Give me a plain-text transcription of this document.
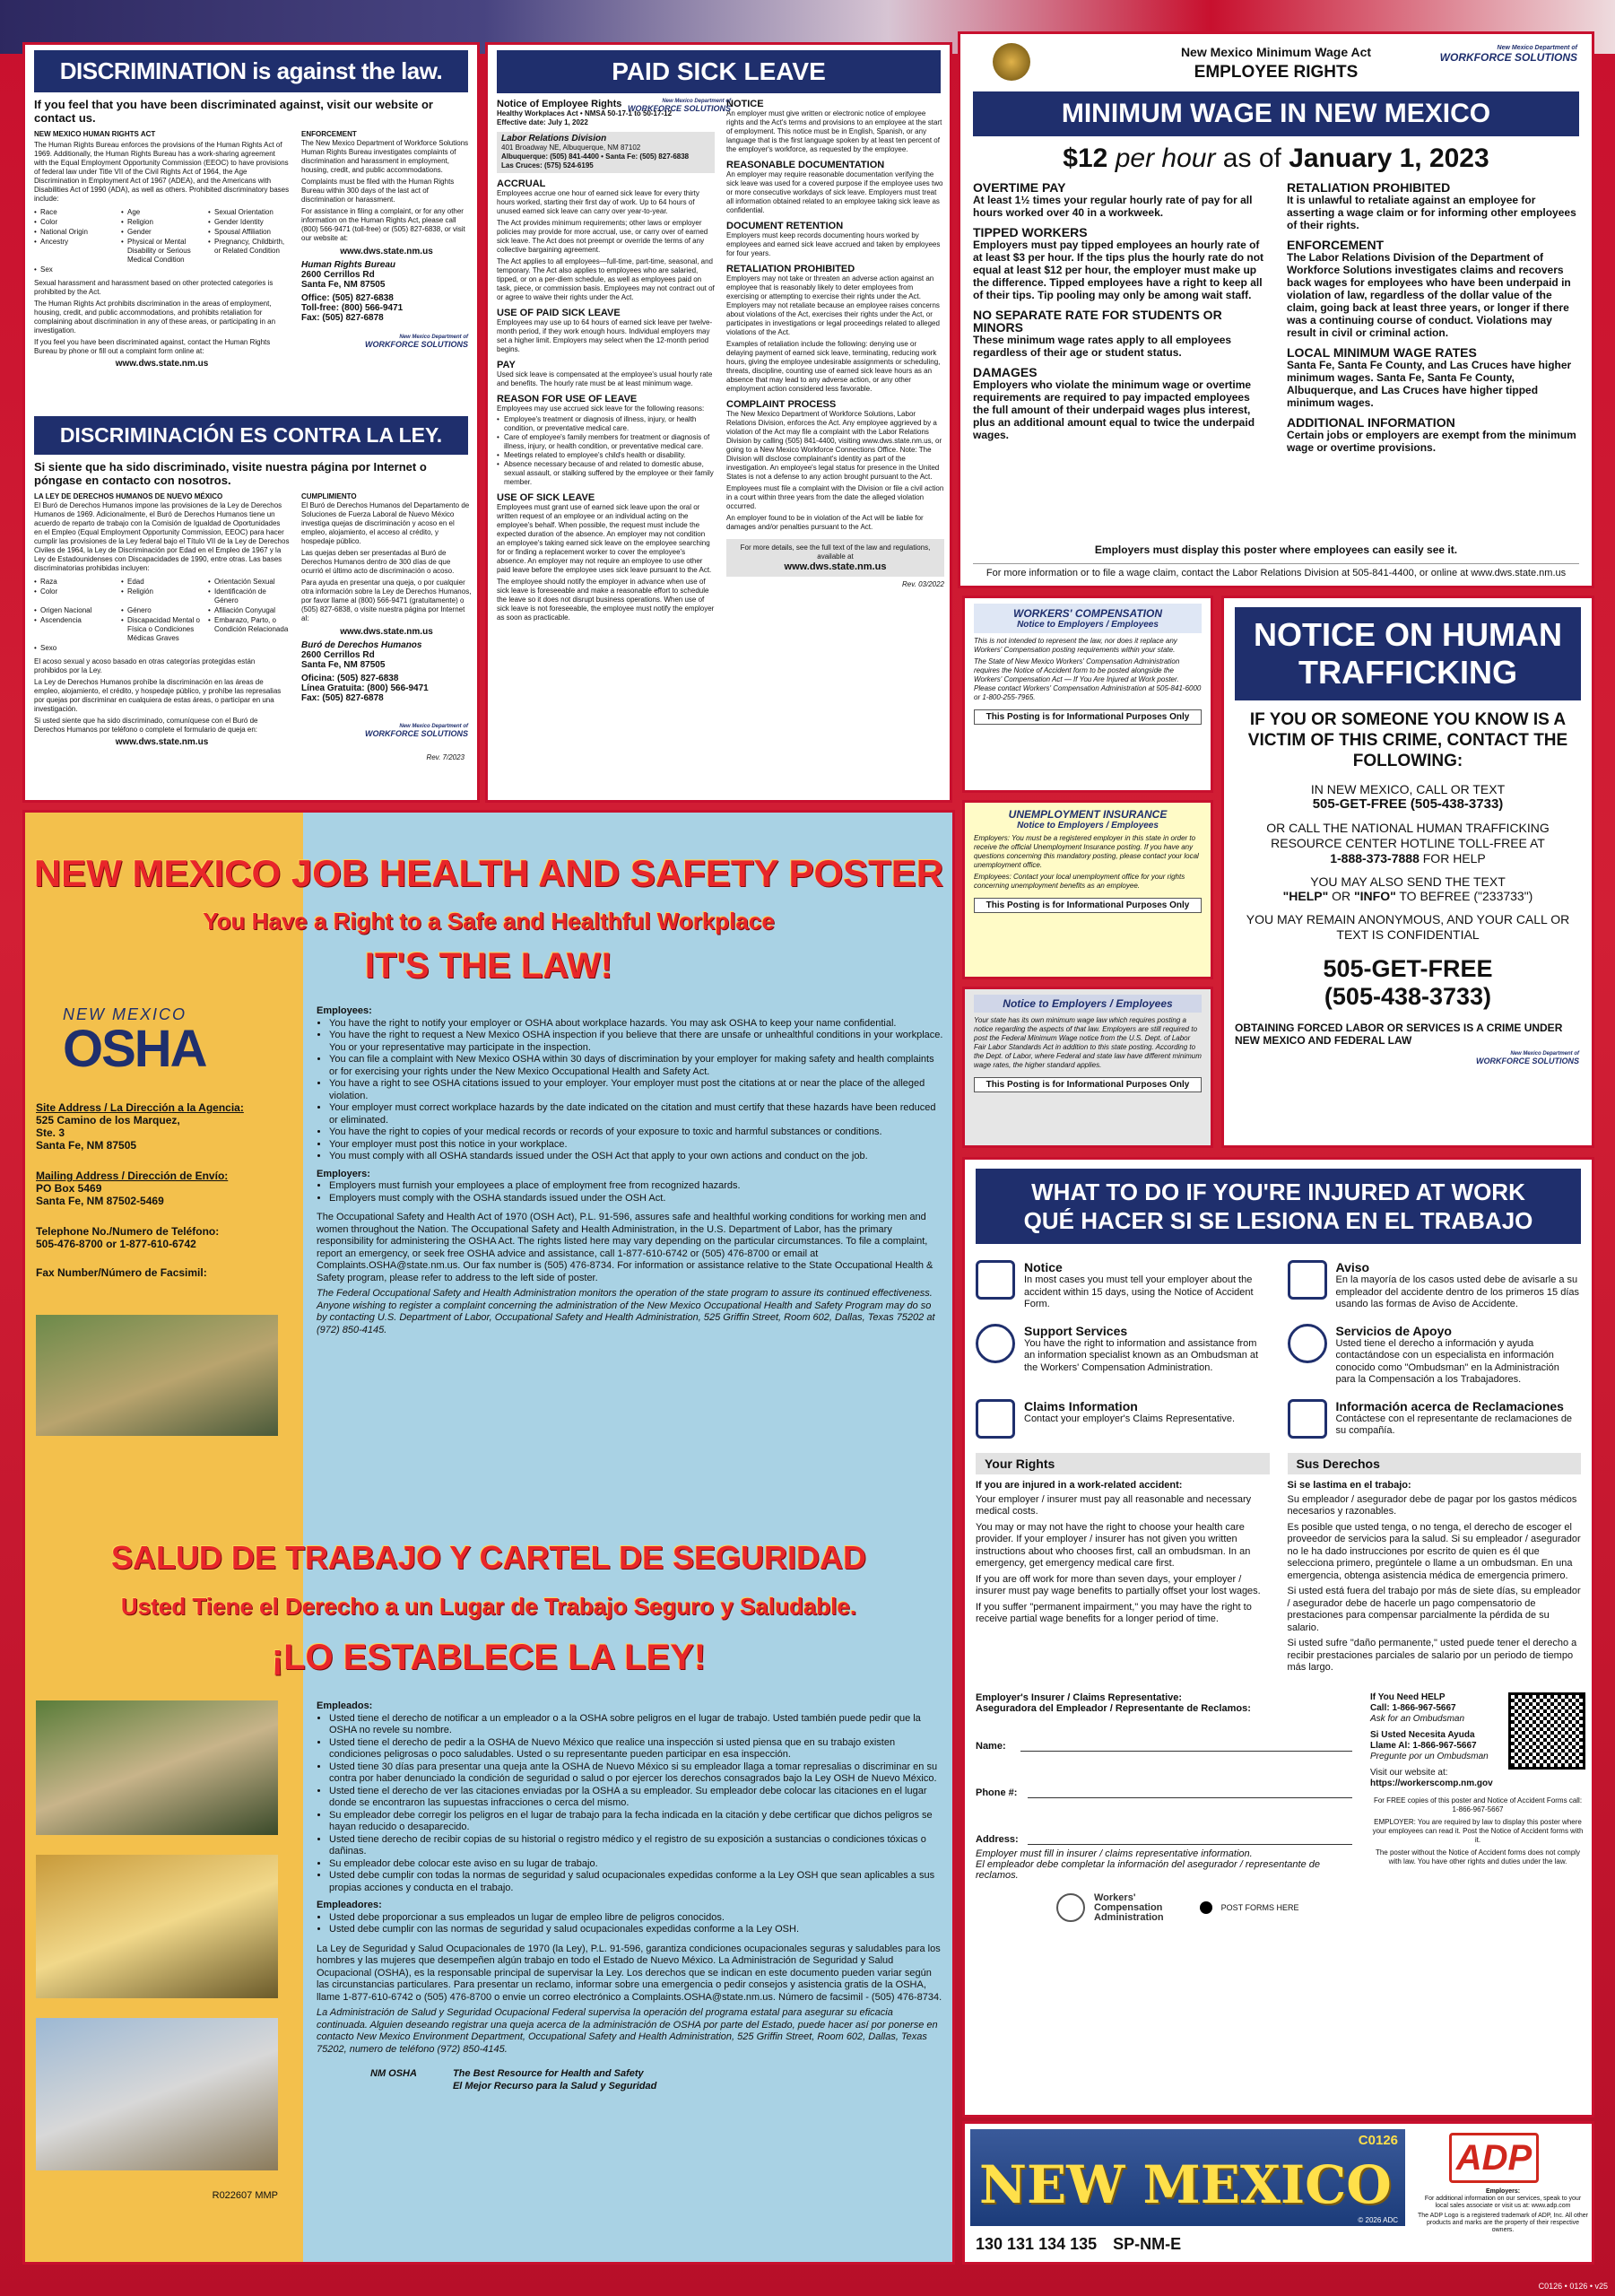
DISCRIMINATION is against the law.
If you feel that you have been discriminated against, visit our website or contact us.
NEW MEXICO HUMAN RIGHTS ACT
The Human Rights Bureau enforces the provisions of the Human Rights Act of 1969. Additionally, the Human Rights Bureau has a work-sharing agreement with the Equal Employment Opportunity Commission (EEOC) to have provisions of federal law under Title VII of the Civil Rights Act of 1964, the Age Discrimination in Employment Act of 1967 (ADEA), and the Americans with Disabilities Act of 1990 (ADA), as well as others. Prohibited discriminatory bases include:
• Race	• Age	• Sexual Orientation
• Color	• Religion	• Gender Identity
• National Origin	• Gender	• Spousal Affiliation
• Ancestry	• Physical or Mental Disability or Serious Medical Condition
• Pregnancy, Childbirth, or Related Condition
• Sex
Sexual harassment and harassment based on other protected categories is prohibited by the Act.
The Human Rights Act prohibits discrimination in the areas of employment, housing, credit, and public accommodations, and prohibits retaliation for complaining about discrimination in any of these areas, or participating in an investigation.
If you feel you have been discriminated against, contact the Human Rights Bureau by phone or fill out a complaint form online at:
www.dws.state.nm.us
ENFORCEMENT
The New Mexico Department of Workforce Solutions Human Rights Bureau investigates complaints of discrimination and harassment in employment, housing, credit, and public accommodations.
Complaints must be filed with the Human Rights Bureau within 300 days of the last act of discrimination or harassment.
For assistance in filing a complaint, or for any other information on the Human Rights Act, please call (800) 566-9471 (toll-free) or (505) 827-6838, or visit our website at:
www.dws.state.nm.us
Human Rights Bureau
2600 Cerrillos Rd
Santa Fe, NM 87505
Office: (505) 827-6838
Toll-free: (800) 566-9471
Fax: (505) 827-6878
New Mexico Department of
WORKFORCE SOLUTIONS
DISCRIMINACIÓN ES CONTRA LA LEY.
Si siente que ha sido discriminado, visite nuestra página por Internet o póngase en contacto con nosotros.
LA LEY DE DERECHOS HUMANOS DE NUEVO MÉXICO
El Buró de Derechos Humanos impone las provisiones de la Ley de Derechos Humanos de 1969. Adicionalmente, el Buró de Derechos Humanos tiene un acuerdo de reparto de trabajo con la Comisión de Igualdad de Oportunidades en el Empleo (Equal Employment Opportunity Commission, EEOC) para hacer cumplir las provisiones de la Ley federal bajo el Título VII de la Ley de Derechos Civiles de 1964, la Ley de Discriminación por Edad en el Empleo de 1967 y la Ley de Estadounidenses con Discapacidades de 1990, entre otras. Las bases discriminatorias prohibidas incluyen:
• Raza	• Edad	• Orientación Sexual
• Color	• Religión	• Identificación de Género
• Origen Nacional	• Género	• Afiliación Conyugal
• Ascendencia	• Discapacidad Mental o Física o Condiciones Médicas Graves
• Embarazo, Parto, o Condición Relacionada
• Sexo
El acoso sexual y acoso basado en otras categorías protegidas están prohibidos por la Ley.
La Ley de Derechos Humanos prohíbe la discriminación en las áreas de empleo, alojamiento, el crédito, y hospedaje público, y prohíbe las represalias por quejas por discriminar en cualquiera de estas áreas, o participar en una investigación.
Si usted siente que ha sido discriminado, comuníquese con el Buró de Derechos Humanos por teléfono o complete el formulario de queja en:
www.dws.state.nm.us
CUMPLIMIENTO
El Buró de Derechos Humanos del Departamento de Soluciones de Fuerza Laboral de Nuevo México investiga quejas de discriminación y acoso en el empleo, alojamiento, el acceso al crédito, y hospedaje público.
Las quejas deben ser presentadas al Buró de Derechos Humanos dentro de 300 días de que ocurrió el último acto de discriminación o acoso.
Para ayuda en presentar una queja, o por cualquier otra información sobre la Ley de Derechos Humanos, por favor llame al (800) 566-9471 (gratuitamente) o (505) 827-6838, o visite nuestra página por Internet al:
www.dws.state.nm.us
Buró de Derechos Humanos
2600 Cerrillos Rd
Santa Fe, NM 87505
Oficina: (505) 827-6838
Línea Gratuita: (800) 566-9471
Fax: (505) 827-6878
New Mexico Department of
WORKFORCE SOLUTIONS
Rev. 7/2023
PAID SICK LEAVE
Notice of Employee Rights
Healthy Workplaces Act • NMSA 50-17-1 to 50-17-12
Effective date: July 1, 2022
Labor Relations Division
401 Broadway NE, Albuquerque, NM 87102
Albuquerque: (505) 841-4400 • Santa Fe: (505) 827-6838
Las Cruces: (575) 524-6195
ACCRUAL
Employees accrue one hour of earned sick leave for every thirty hours worked, starting their first day of work. Up to 64 hours of unused earned sick leave can carry over year-to-year.
The Act provides minimum requirements; other laws or employer policies may provide for more accrual, use, or carry over of earned sick leave. The Act does not preempt or override the terms of any collective bargaining agreement.
The Act applies to all employees—full-time, part-time, seasonal, and temporary. The Act also applies to employees who are salaried, tipped, or on a per-diem schedule, as well as employees paid on task, piece, or commission basis. Employees may not contract out of or agree to waive their rights under the Act.
USE OF PAID SICK LEAVE
Employees may use up to 64 hours of earned sick leave per twelve-month period, if they work enough hours. Individual employers may set a higher limit. Employers may select when the 12-month period begins.
PAY
Used sick leave is compensated at the employee's usual hourly rate and benefits. The hourly rate must be at least minimum wage.
REASON FOR USE OF LEAVE
Employees may use accrued sick leave for the following reasons:
• Employee's treatment or diagnosis of illness, injury, or health condition, or preventative medical care.
• Care of employee's family members for treatment or diagnosis of illness, injury, or health condition, or preventative medical care.
• Meetings related to employee's child's health or disability.
• Absence necessary because of and related to domestic abuse, sexual assault, or stalking suffered by the employee or their family member.
USE OF SICK LEAVE
Employees must grant use of earned sick leave upon the oral or written request of an employee or an individual acting on the employee's behalf. When possible, the request must include the expected duration of the absence. An employer may not condition an employee's taking earned sick leave on the employee searching for or finding a replacement worker to cover the employee's absence. An employer may not require an employee to use other paid leave before the employee uses sick leave pursuant to the Act.
The employee should notify the employer in advance when use of sick leave is foreseeable and make a reasonable effort to schedule the leave so it does not disrupt business operations. When use of sick leave is not foreseeable, the employee must notify the employer as soon as practicable.
New Mexico Department of
WORKFORCE SOLUTIONS
NOTICE
An employer must give written or electronic notice of employee rights and the Act's terms and provisions to an employee at the start of employment. This notice must be in English, Spanish, or any language that is the first language spoken by at least ten percent of the employer's workforce, as requested by the employee.
REASONABLE DOCUMENTATION
An employer may require reasonable documentation verifying the sick leave was used for a covered purpose if the employee uses two or more consecutive workdays of sick leave. Employers must treat all information obtained related to an employee taking sick leave as confidential.
DOCUMENT RETENTION
Employers must keep records documenting hours worked by employees and earned sick leave accrued and taken by employees for four years.
RETALIATION PROHIBITED
Employers may not take or threaten an adverse action against an employee that is reasonably likely to deter employees from exercising or attempting to exercise their rights under the Act. Employers may not retaliate because an employee raises concerns about violations of the Act, exercises their rights under the Act, or participates in investigations or legal proceedings related to alleged violations of the Act.
Examples of retaliation include the following: denying use or delaying payment of earned sick leave, terminating, reducing work hours, giving the employee undesirable assignments or scheduling, threats, discipline, counting use of earned sick leave hours as an absence that may lead to any adverse action, or any other employment action considered less favorable.
COMPLAINT PROCESS
The New Mexico Department of Workforce Solutions, Labor Relations Division, enforces the Act. Any employee aggrieved by a violation of the Act may file a complaint with the Labor Relations Division by calling (505) 841-4400, visiting www.dws.state.nm.us, or going to a New Mexico Workforce Connections Office. Note: The Division will disclose complainant's identity as part of the investigation. An employee's legal status for presence in the United States is not a defense to any action brought pursuant to the Act.
Employees must file a complaint with the Division or file a civil action in a court within three years from the date the alleged violation occurred.
An employer found to be in violation of the Act will be liable for damages and/or penalties pursuant to the Act.
For more details, see the full text of the law and regulations, available at
www.dws.state.nm.us
Rev. 03/2022
New Mexico Minimum Wage Act
EMPLOYEE RIGHTS
New Mexico Department of
WORKFORCE SOLUTIONS
MINIMUM WAGE IN NEW MEXICO
$12 per hour as of January 1, 2023
OVERTIME PAY
At least 1½ times your regular hourly rate of pay for all hours worked over 40 in a workweek.
TIPPED WORKERS
Employers must pay tipped employees an hourly rate of at least $3 per hour. If the tips plus the hourly rate do not equal at least $12 per hour, the employer must make up the difference. Tipped employees have a right to keep all of their tips. Tip pooling may only be among wait staff.
NO SEPARATE RATE FOR STUDENTS OR MINORS
These minimum wage rates apply to all employees regardless of their age or student status.
DAMAGES
Employers who violate the minimum wage or overtime requirements are required to pay impacted employees the full amount of their underpaid wages plus interest, plus an additional amount equal to twice the underpaid wages.
RETALIATION PROHIBITED
It is unlawful to retaliate against an employee for asserting a wage claim or for informing other employees of their rights.
ENFORCEMENT
The Labor Relations Division of the Department of Workforce Solutions investigates claims and recovers back wages for employees who have been underpaid in violation of law, regardless of the dollar value of the claim, going back at least three years, or longer if there was a continuing course of conduct. Violations may result in civil or criminal action.
LOCAL MINIMUM WAGE RATES
Santa Fe, Santa Fe County, and Las Cruces have higher minimum wages. Santa Fe, Santa Fe County, Albuquerque, and Las Cruces have higher tipped minimum wages.
ADDITIONAL INFORMATION
Certain jobs or employers are exempt from the minimum wage or overtime provisions.
Employers must display this poster where employees can easily see it.
For more information or to file a wage claim, contact the Labor Relations Division at 505-841-4400, or online at www.dws.state.nm.us
WORKERS' COMPENSATION
Notice to Employers / Employees
This is not intended to represent the law, nor does it replace any Workers' Compensation posting requirements within your state.
The State of New Mexico Workers' Compensation Administration requires the Notice of Accident form to be posted alongside the Workers' Compensation Act — If You Are Injured at Work poster. Please contact Workers' Compensation Administration at 505-841-6000 or 1-800-255-7965.
This Posting is for Informational Purposes Only
UNEMPLOYMENT INSURANCE
Notice to Employers / Employees
Employers: You must be a registered employer in this state in order to receive the official Unemployment Insurance posting. If you have any questions concerning this mandatory posting, please contact your local unemployment office.
Employees: Contact your local unemployment office for your rights concerning unemployment benefits as an employee.
This Posting is for Informational Purposes Only
Notice to Employers / Employees
Your state has its own minimum wage law which requires posting a notice regarding the aspects of that law. Employers are still required to post the Federal Minimum Wage notice from the U.S. Dept. of Labor Fair Labor Standards Act in addition to this state posting. According to the Dept. of Labor, where Federal and state law have different minimum wage rates, the higher standard applies.
This Posting is for Informational Purposes Only
NOTICE ON HUMAN TRAFFICKING
IF YOU OR SOMEONE YOU KNOW IS A VICTIM OF THIS CRIME, CONTACT THE FOLLOWING:
IN NEW MEXICO, CALL OR TEXT
505-GET-FREE (505-438-3733)
OR CALL THE NATIONAL HUMAN TRAFFICKING RESOURCE CENTER HOTLINE TOLL-FREE AT
1-888-373-7888 FOR HELP
YOU MAY ALSO SEND THE TEXT
"HELP" OR "INFO" TO BEFREE ("233733")
YOU MAY REMAIN ANONYMOUS, AND YOUR CALL OR TEXT IS CONFIDENTIAL
505-GET-FREE
(505-438-3733)
New Mexico Department of
WORKFORCE SOLUTIONS
OBTAINING FORCED LABOR OR SERVICES IS A CRIME UNDER NEW MEXICO AND FEDERAL LAW
NEW MEXICO JOB HEALTH AND SAFETY POSTER
You Have a Right to a Safe and Healthful Workplace
IT'S THE LAW!
NEW MEXICO
OSHA
Site Address / La Dirección a la Agencia:
525 Camino de los Marquez,
Ste. 3
Santa Fe, NM 87505
Mailing Address / Dirección de Envío:
PO Box 5469
Santa Fe, NM 87502-5469
Telephone No./Numero de Teléfono:
505-476-8700 or 1-877-610-6742
Fax Number/Número de Facsimil:
Employees:
• You have the right to notify your employer or OSHA about workplace hazards. You may ask OSHA to keep your name confidential.
• You have the right to request a New Mexico OSHA inspection if you believe that there are unsafe or unhealthful conditions in your workplace. You or your representative may participate in the inspection.
• You can file a complaint with New Mexico OSHA within 30 days of discrimination by your employer for making safety and health complaints or for exercising your rights under the New Mexico Occupational Health and Safety Act.
• You have a right to see OSHA citations issued to your employer. Your employer must post the citations at or near the place of the alleged violation.
• Your employer must correct workplace hazards by the date indicated on the citation and must certify that these hazards have been reduced or eliminated.
• You have the right to copies of your medical records or records of your exposure to toxic and harmful substances or conditions.
• Your employer must post this notice in your workplace.
• You must comply with all OSHA standards issued under the OSH Act that apply to your own actions and conduct on the job.
Employers:
• Employers must furnish your employees a place of employment free from recognized hazards.
• Employers must comply with the OSHA standards issued under the OSH Act.
The Occupational Safety and Health Act of 1970 (OSH Act), P.L. 91-596, assures safe and healthful working conditions for working men and women throughout the Nation. The Occupational Safety and Health Administration, in the U.S. Department of Labor, has the primary responsibility for administering the OSHA Act. The rights listed here may vary depending on the particular circumstances. To file a complaint, report an emergency, or seek free OSHA advice and assistance, call 1-877-610-6742 or (505) 476-8700 or email at Complaints.OSHA@state.nm.us. Our fax number is (505) 476-8734. For information or assistance relative to the State Occupational Health & Safety program, please refer to address to the left side of poster.
The Federal Occupational Safety and Health Administration monitors the operation of the state program to assure its continued effectiveness. Anyone wishing to register a complaint concerning the administration of the New Mexico Occupational Health and Safety Program may do so by contacting U.S. Department of Labor, Occupational Safety and Health Administration, 525 Griffin Street, Room 602, Dallas, Texas 75202 at (972) 850-4145.
SALUD DE TRABAJO Y CARTEL DE SEGURIDAD
Usted Tiene el Derecho a un Lugar de Trabajo Seguro y Saludable.
¡LO ESTABLECE LA LEY!
R022607 MMP
Empleados:
• Usted tiene el derecho de notificar a un empleador o a la OSHA sobre peligros en el lugar de trabajo. Usted también puede pedir que la OSHA no revele su nombre.
• Usted tiene el derecho de pedir a la OSHA de Nuevo México que realice una inspección si usted piensa que en su trabajo existen condiciones peligrosas o poco saludables. Usted o su representante pueden participar en esa inspección.
• Usted tiene 30 días para presentar una queja ante la OSHA de Nuevo México si su empleador llaga a tomar represalias o discriminar en su contra por haber denunciado la condición de seguridad o salud o por ejercer los derechos consagrados bajo la Ley OSH de Nuevo México.
• Usted tiene el derecho de ver las citaciones enviadas por la OSHA a su empleador. Su empleador debe colocar las citaciones en el lugar donde se encontraron las supuestas infracciones o cerca del mismo.
• Su empleador debe corregir los peligros en el lugar de trabajo para la fecha indicada en la citación y debe certificar que dichos peligros se hayan reducido o desaparecido.
• Usted tiene derecho de recibir copias de su historial o registro médico y el registro de su exposición a sustancias o condiciones tóxicas o dañinas.
• Su empleador debe colocar este aviso en su lugar de trabajo.
• Usted debe cumplir con todas la normas de seguridad y salud ocupacionales expedidas conforme a la Ley OSH que sean aplicables a sus propias acciones y conducta en el trabajo.
Empleadores:
• Usted debe proporcionar a sus empleados un lugar de empleo libre de peligros conocidos.
• Usted debe cumplir con las normas de seguridad y salud ocupacionales expedidas conforme a la Ley OSH.
La Ley de Seguridad y Salud Ocupacionales de 1970 (la Ley), P.L. 91-596, garantiza condiciones ocupacionales seguras y saludables para los hombres y las mujeres que desempeñen algún trabajo en todo el Estado de Nuevo México. La Administración de Seguridad y Salud Ocupacional (OSHA), es la responsable principal de supervisar la Ley. Los derechos que se indican en este documento pueden variar según las circunstancias particulares. Para presentar un reclamo, informar sobre una emergencia o pedir consejos y asistencia gratis de la OSHA, llame 1-877-610-6742 o (505) 476-8700 o envie un correo electrónico a Complaints.OSHA@state.nm.us. Número de facsimil - (505) 476-8734.
La Administración de Salud y Seguridad Ocupacional Federal supervisa la operación del programa estatal para asegurar su eficacia continuada. Alguien deseando registrar una queja acerca de la administración de OSHA por parte del Estado, puede hacer así por ponerse en contacto New Mexico Environment Department, Occupational Safety and Health Administration, 525 Griffin Street, Room 602, Dallas, Texas 75202, numero de teléfono (972) 850-4145.
NM OSHA	The Best Resource for Health and Safety
El Mejor Recurso para la Salud y Seguridad
WHAT TO DO IF YOU'RE INJURED AT WORK
QUÉ HACER SI SE LESIONA EN EL TRABAJO
Notice
In most cases you must tell your employer about the accident within 15 days, using the Notice of Accident Form.
Aviso
En la mayoría de los casos usted debe de avisarle a su empleador del accidente dentro de los primeros 15 días usando las formas de Aviso de Accidente.
Support Services
You have the right to information and assistance from an information specialist known as an Ombudsman at the Workers' Compensation Administration.
Servicios de Apoyo
Usted tiene el derecho a información y ayuda contactándose con un especialista en información conocido como "Ombudsman" en la Administración para la Compensación a los Trabajadores.
Claims Information
Contact your employer's Claims Representative.
Información acerca de Reclamaciones
Contáctese con el representante de reclamaciones de su compañía.
Your Rights
If you are injured in a work-related accident:
Your employer / insurer must pay all reasonable and necessary medical costs.
You may or may not have the right to choose your health care provider. If your employer / insurer has not given you written instructions about who chooses first, call an ombudsman. In an emergency, get emergency medical care first.
If you are off work for more than seven days, your employer / insurer must pay wage benefits to partially offset your lost wages.
If you suffer "permanent impairment," you may have the right to receive partial wage benefits for a longer period of time.
Sus Derechos
Si se lastima en el trabajo:
Su empleador / asegurador debe de pagar por los gastos médicos necesarios y razonables.
Es posible que usted tenga, o no tenga, el derecho de escoger el proveedor de servicios para la salud. Si su empleador / asegurador no le ha dado instrucciones por escrito de quien es él que selecciona primero, pregúntele o llame a un ombudsman. En una emergencia, obtenga asistencia médica de emergencia primero.
Si usted está fuera del trabajo por más de siete días, su empleador / asegurador debe de hacerle un pago compensatorio de prestaciones para compensar parcialmente la pérdida de su salario.
Si usted sufre "daño permanente," usted puede tener el derecho a recibir prestaciones parciales de salario por un periodo de tiempo más largo.
Employer's Insurer / Claims Representative:
Aseguradora del Empleador / Representante de Reclamos:
Name:
Phone #:
Address:
Employer must fill in insurer / claims representative information.
El empleador debe completar la información del asegurador / representante de reclamos.
Workers'
Compensation
Administration
POST FORMS HERE
If You Need HELP
Call: 1-866-967-5667
Ask for an Ombudsman
Si Usted Necesita Ayuda
Llame Al: 1-866-967-5667
Pregunte por un Ombudsman
Visit our website at:
https://workerscomp.nm.gov
For FREE copies of this poster and Notice of Accident Forms call: 1-866-967-5667
EMPLOYER: You are required by law to display this poster where your employees can read it. Post the Notice of Accident forms with it.
The poster without the Notice of Accident forms does not comply with law. You have other rights and duties under the law.
C0126
NEW MEXICO
© 2026 ADC
130 131 134 135 SP-NM-E
ADP
Employers:
For additional information on our services, speak to your local sales associate or visit us at: www.adp.com
The ADP Logo is a registered trademark of ADP, Inc. All other products and marks are the property of their respective owners.
C0126 • 0126 • v25
